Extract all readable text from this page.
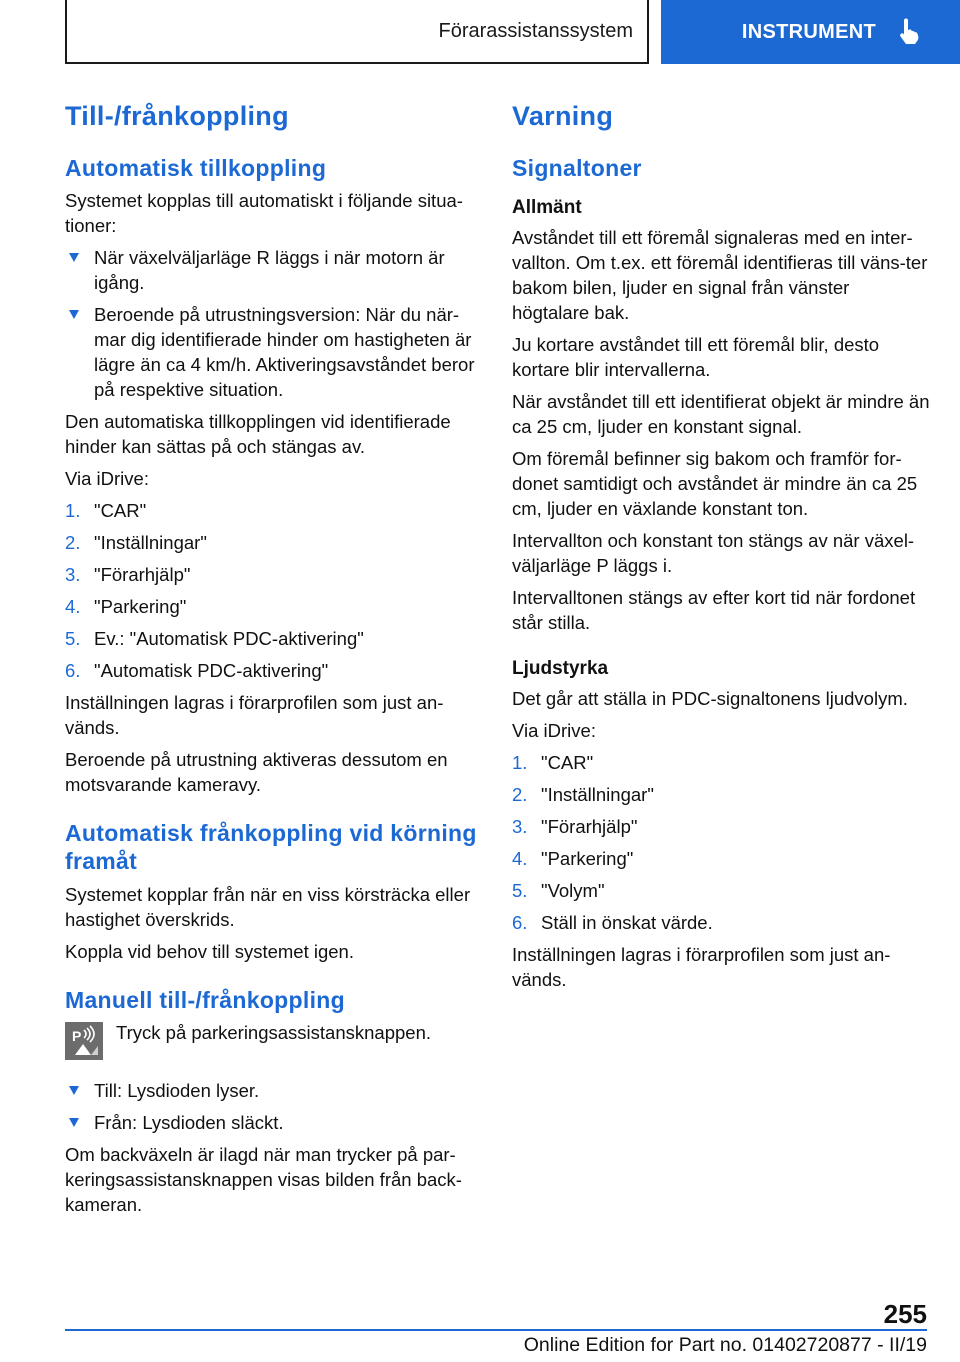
Förarassistanssystem	INSTRUMENT
Till-/frånkoppling
Automatisk tillkoppling

Systemet kopplas till automatiskt i följande situa-tioner:

När växelväljarläge R läggs i när motorn är igång.
Beroende på utrustningsversion: När du när-mar dig identifierade hinder om hastigheten är lägre än ca 4 km/h. Aktiveringsavståndet beror på respektive situation.

Den automatiska tillkopplingen vid identifierade hinder kan sättas på och stängas av.

Via iDrive:

1. "CAR"
2. "Inställningar"
3. "Förarhjälp"
4. "Parkering"
5. Ev.: "Automatisk PDC-aktivering"
6. "Automatisk PDC-aktivering"

Inställningen lagras i förarprofilen som just an-vänds.

Beroende på utrustning aktiveras dessutom en motsvarande kameravy.

Automatisk frånkoppling vid körning framåt

Systemet kopplar från när en viss körsträcka eller hastighet överskrids.

Koppla vid behov till systemet igen.

Manuell till-/frånkoppling
P Tryck på parkeringsassistansknappen.

Till: Lysdioden lyser.
Från: Lysdioden släckt.

Om backväxeln är ilagd när man trycker på par-keringsassistansknappen visas bilden från back-kameran.

Varning
Signaltoner
Allmänt

Avståndet till ett föremål signaleras med en inter-vallton. Om t.ex. ett föremål identifieras till väns-ter bakom bilen, ljuder en signal från vänster högtalare bak.

Ju kortare avståndet till ett föremål blir, desto kortare blir intervallerna.

När avståndet till ett identifierat objekt är mindre än ca 25 cm, ljuder en konstant signal.

Om föremål befinner sig bakom och framför for-donet samtidigt och avståndet är mindre än ca 25 cm, ljuder en växlande konstant ton.

Intervallton och konstant ton stängs av när växel-väljarläge P läggs i.

Intervalltonen stängs av efter kort tid när fordonet står stilla.

Ljudstyrka

Det går att ställa in PDC-signaltonens ljudvolym.

Via iDrive:

1. "CAR"
2. "Inställningar"
3. "Förarhjälp"
4. "Parkering"
5. "Volym"
6. Ställ in önskat värde.

Inställningen lagras i förarprofilen som just an-vänds.

255
Online Edition for Part no. 01402720877 - II/19
